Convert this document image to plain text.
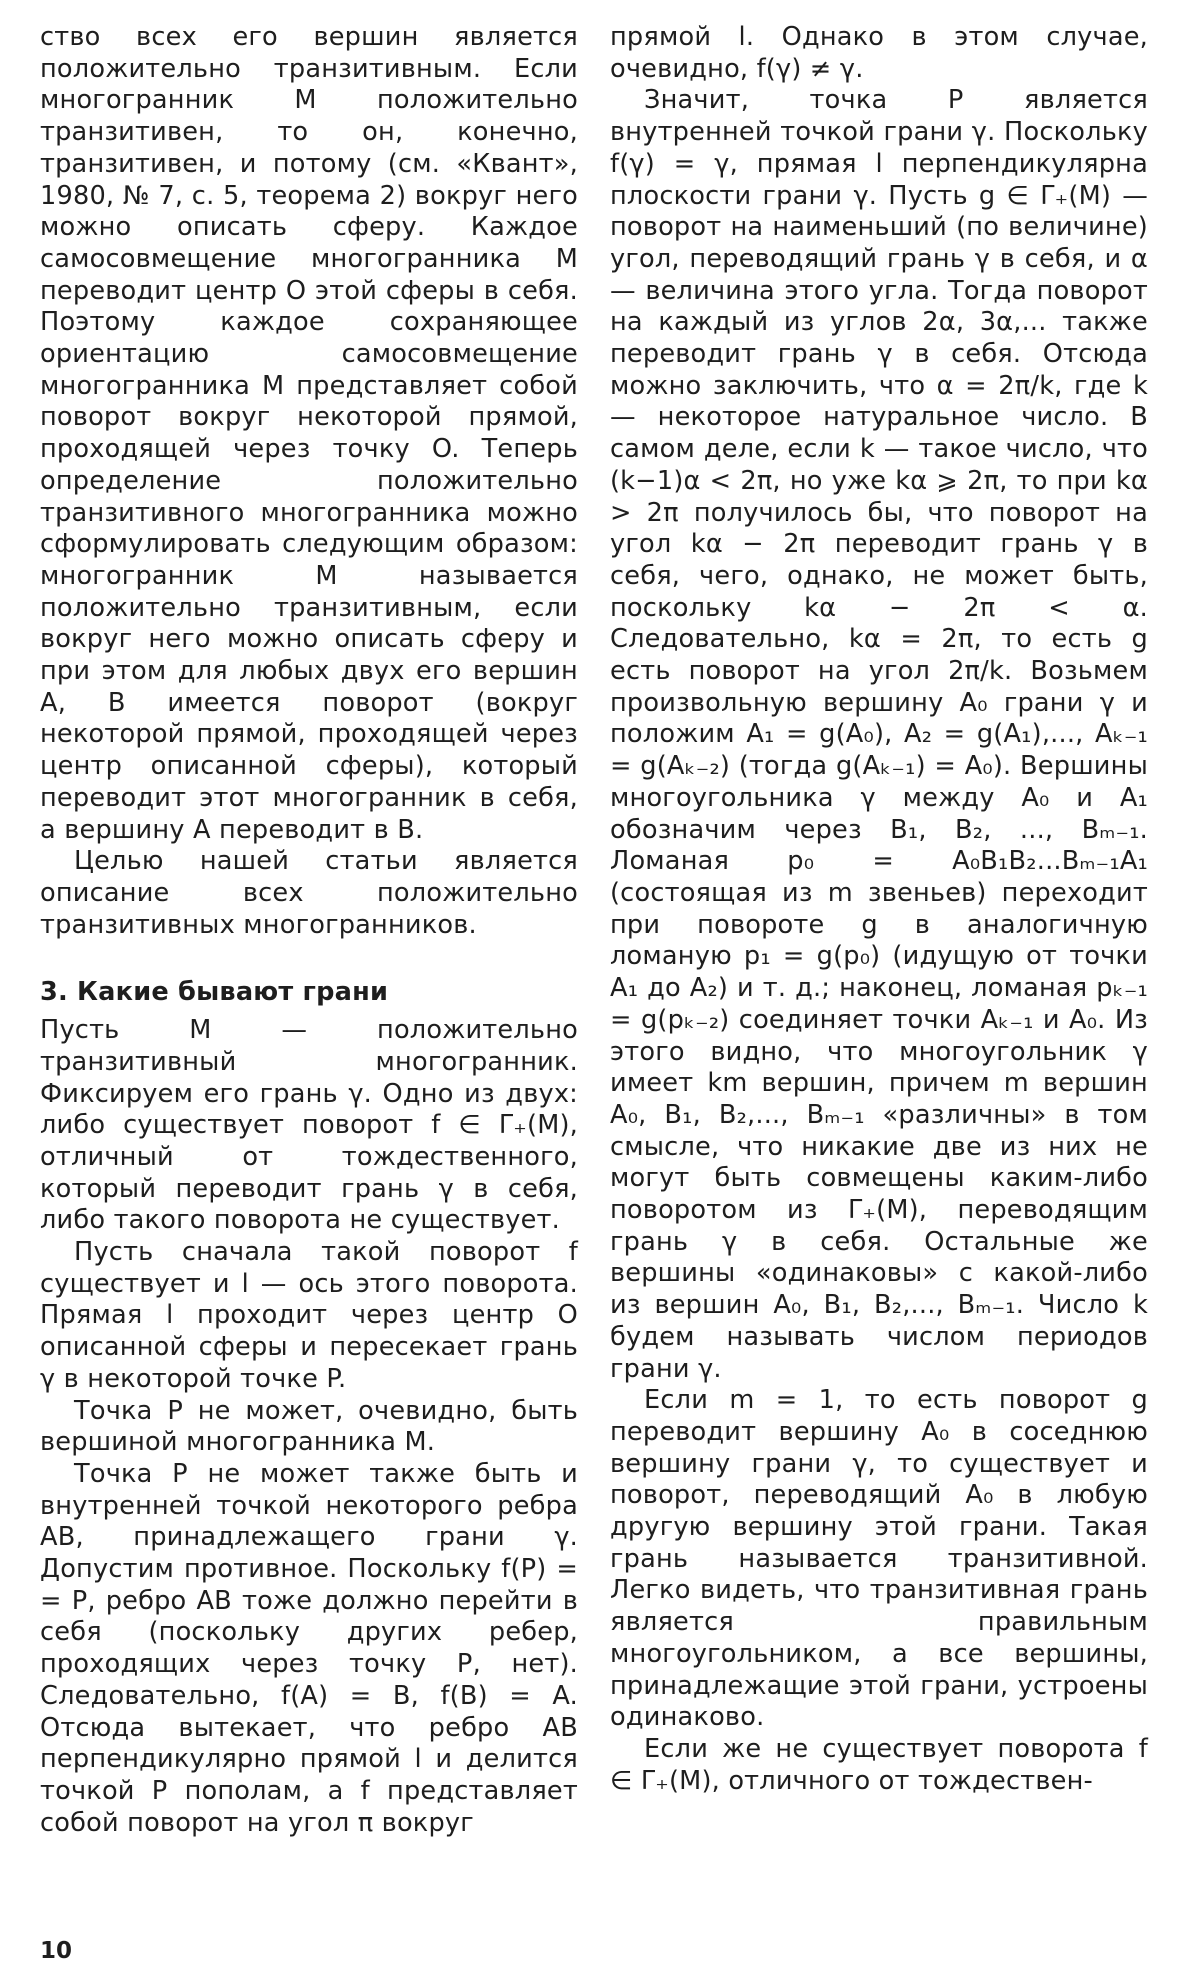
ство всех его вершин является положительно транзитивным. Если многогранник M положительно транзитивен, то он, конечно, транзитивен, и потому (см. «Квант», 1980, № 7, с. 5, теорема 2) вокруг него можно описать сферу. Каждое самосовмещение многогранника M переводит центр O этой сферы в себя. Поэтому каждое сохраняющее ориентацию самосовмещение многогранника M представляет собой поворот вокруг некоторой прямой, проходящей через точку O. Теперь определение положительно транзитивного многогранника можно сформулировать следующим образом: многогранник M называется положительно транзитивным, если вокруг него можно описать сферу и при этом для любых двух его вершин A, B имеется поворот (вокруг некоторой прямой, проходящей через центр описанной сферы), который переводит этот многогранник в себя, а вершину A переводит в B.

Целью нашей статьи является описание всех положительно транзитивных многогранников.

3. Какие бывают грани

Пусть M — положительно транзитивный многогранник. Фиксируем его грань γ. Одно из двух: либо существует поворот f ∈ Γ₊(M), отличный от тождественного, который переводит грань γ в себя, либо такого поворота не существует.

Пусть сначала такой поворот f существует и l — ось этого поворота. Прямая l проходит через центр O описанной сферы и пересекает грань γ в некоторой точке P.

Точка P не может, очевидно, быть вершиной многогранника M.

Точка P не может также быть и внутренней точкой некоторого ребра AB, принадлежащего грани γ. Допустим противное. Поскольку f(P) = = P, ребро AB тоже должно перейти в себя (поскольку других ребер, проходящих через точку P, нет). Следовательно, f(A) = B, f(B) = A. Отсюда вытекает, что ребро AB перпендикулярно прямой l и делится точкой P пополам, а f представляет собой поворот на угол π вокруг

прямой l. Однако в этом случае, очевидно, f(γ) ≠ γ.

Значит, точка P является внутренней точкой грани γ. Поскольку f(γ) = γ, прямая l перпендикулярна плоскости грани γ. Пусть g ∈ Γ₊(M) — поворот на наименьший (по величине) угол, переводящий грань γ в себя, и α — величина этого угла. Тогда поворот на каждый из углов 2α, 3α,... также переводит грань γ в себя. Отсюда можно заключить, что α = 2π/k, где k — некоторое натуральное число. В самом деле, если k — такое число, что (k−1)α < 2π, но уже kα ⩾ 2π, то при kα > 2π получилось бы, что поворот на угол kα − 2π переводит грань γ в себя, чего, однако, не может быть, поскольку kα − 2π < α. Следовательно, kα = 2π, то есть g есть поворот на угол 2π/k. Возьмем произвольную вершину A₀ грани γ и положим A₁ = g(A₀), A₂ = g(A₁),..., Aₖ₋₁ = g(Aₖ₋₂) (тогда g(Aₖ₋₁) = A₀). Вершины многоугольника γ между A₀ и A₁ обозначим через B₁, B₂, ..., Bₘ₋₁. Ломаная p₀ = A₀B₁B₂...Bₘ₋₁A₁ (состоящая из m звеньев) переходит при повороте g в аналогичную ломаную p₁ = g(p₀) (идущую от точки A₁ до A₂) и т. д.; наконец, ломаная pₖ₋₁ = g(pₖ₋₂) соединяет точки Aₖ₋₁ и A₀. Из этого видно, что многоугольник γ имеет km вершин, причем m вершин A₀, B₁, B₂,..., Bₘ₋₁ «различны» в том смысле, что никакие две из них не могут быть совмещены каким-либо поворотом из Γ₊(M), переводящим грань γ в себя. Остальные же вершины «одинаковы» с какой-либо из вершин A₀, B₁, B₂,..., Bₘ₋₁. Число k будем называть числом периодов грани γ.

Если m = 1, то есть поворот g переводит вершину A₀ в соседнюю вершину грани γ, то существует и поворот, переводящий A₀ в любую другую вершину этой грани. Такая грань называется транзитивной. Легко видеть, что транзитивная грань является правильным многоугольником, а все вершины, принадлежащие этой грани, устроены одинаково.

Если же не существует поворота f ∈ Γ₊(M), отличного от тождествен-

10
